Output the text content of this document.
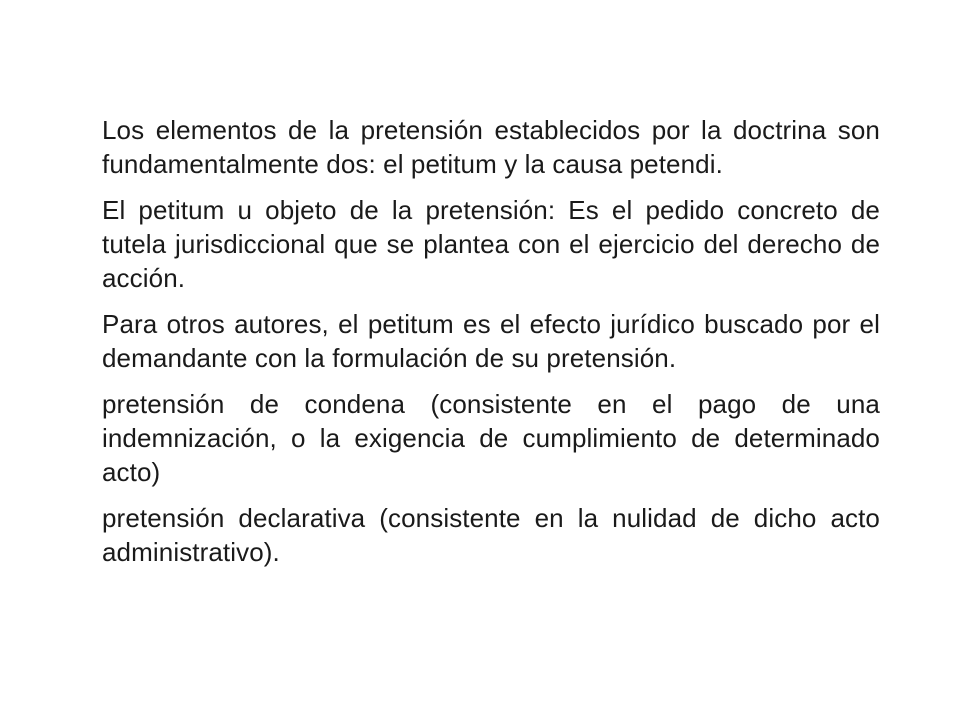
Los elementos de la pretensión establecidos por la doctrina son fundamentalmente dos: el petitum y la causa petendi.

El petitum u objeto de la pretensión: Es el pedido concreto de tutela jurisdiccional que se plantea con el ejercicio del derecho de acción.

Para otros autores, el petitum es el efecto jurídico buscado por el demandante con la formulación de su pretensión.

pretensión de condena (consistente en el pago de una indemnización, o la exigencia de cumplimiento de determinado acto)

pretensión declarativa (consistente en la nulidad de dicho acto administrativo).
